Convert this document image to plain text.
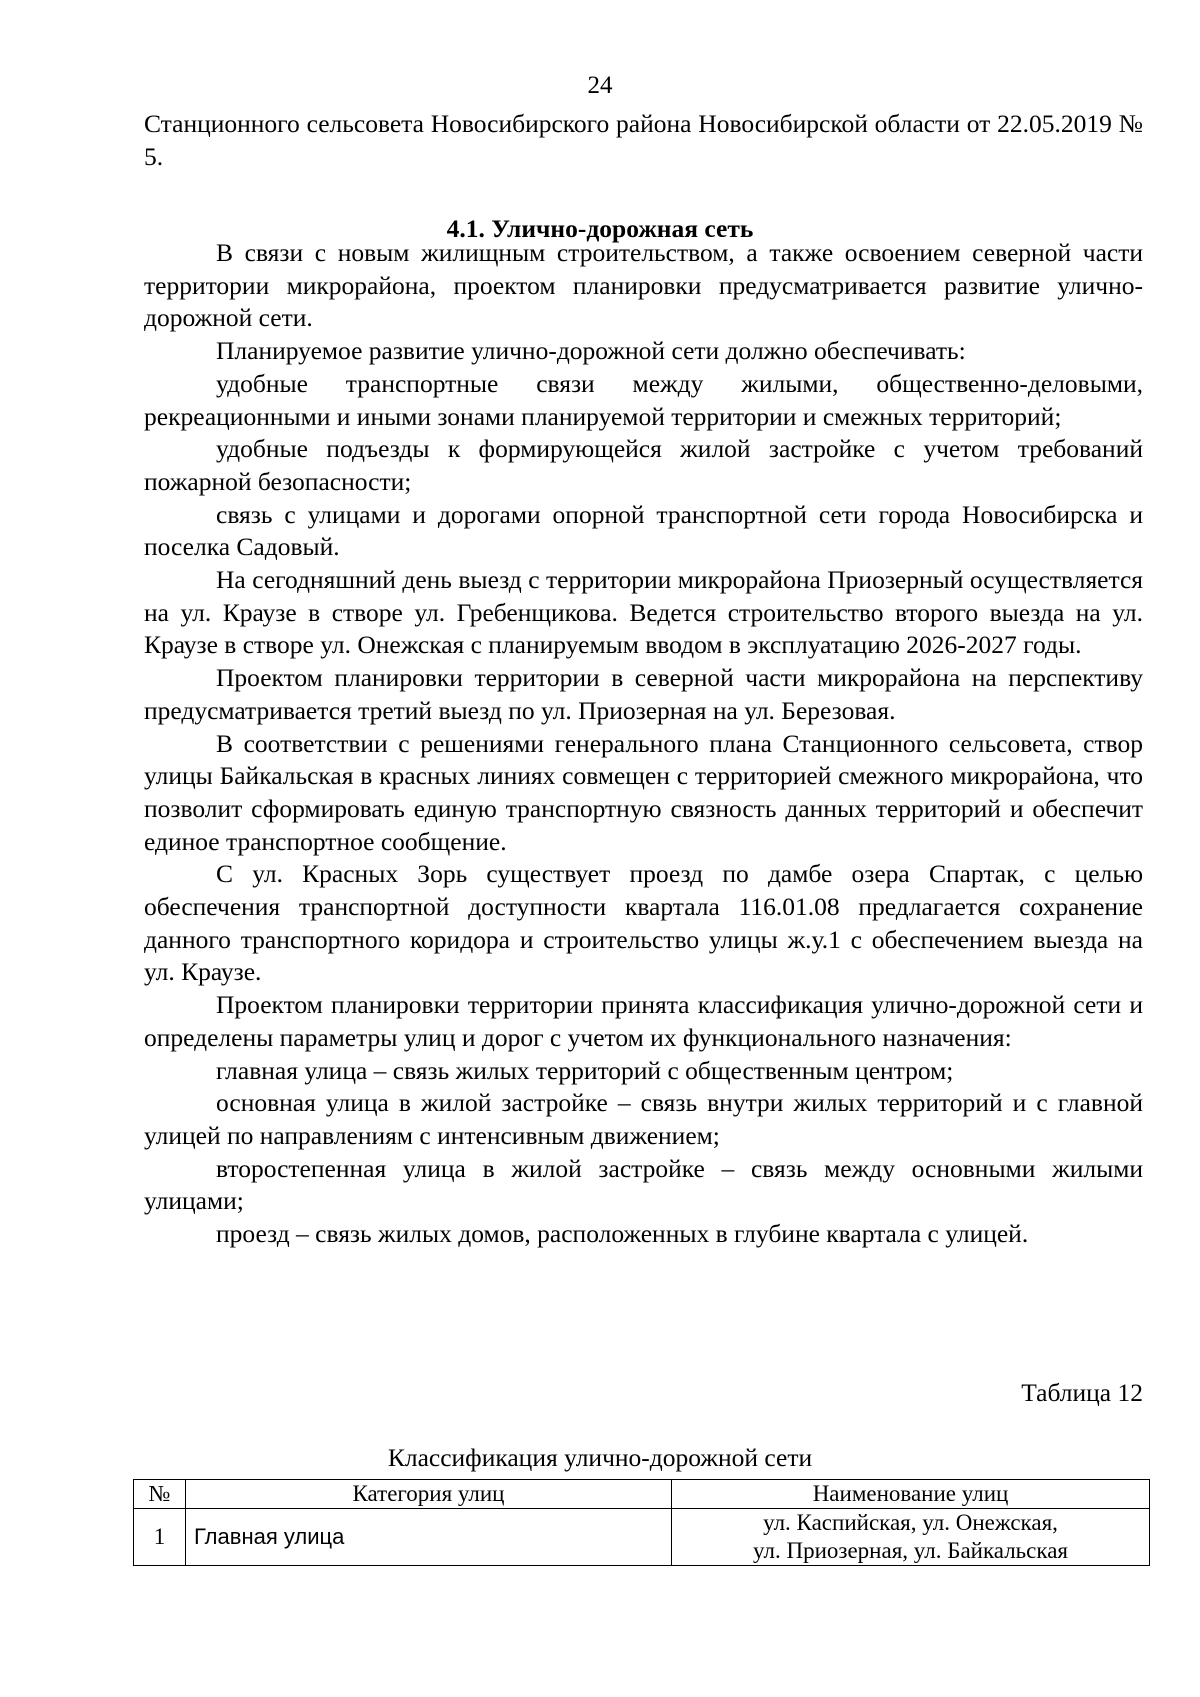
24

Станционного сельсовета Новосибирского района Новосибирской области от 22.05.2019 № 5.

4.1. Улично-дорожная сеть

В связи с новым жилищным строительством, а также освоением северной части территории микрорайона, проектом планировки предусматривается развитие улично-дорожной сети.

Планируемое развитие улично-дорожной сети должно обеспечивать:

удобные транспортные связи между жилыми, общественно-деловыми, рекреационными и иными зонами планируемой территории и смежных территорий;

удобные подъезды к формирующейся жилой застройке с учетом требований пожарной безопасности;

связь с улицами и дорогами опорной транспортной сети города Новосибирска и поселка Садовый.

На сегодняшний день выезд с территории микрорайона Приозерный осуществляется на ул. Краузе в створе ул. Гребенщикова. Ведется строительство второго выезда на ул. Краузе в створе ул. Онежская с планируемым вводом в эксплуатацию 2026-2027 годы.

Проектом планировки территории в северной части микрорайона на перспективу предусматривается третий выезд по ул. Приозерная на ул. Березовая.

В соответствии с решениями генерального плана Станционного сельсовета, створ улицы Байкальская в красных линиях совмещен с территорией смежного микрорайона, что позволит сформировать единую транспортную связность данных территорий и обеспечит единое транспортное сообщение.

С ул. Красных Зорь существует проезд по дамбе озера Спартак, с целью обеспечения транспортной доступности квартала 116.01.08 предлагается сохранение данного транспортного коридора и строительство улицы ж.у.1 с обеспечением выезда на ул. Краузе.

Проектом планировки территории принята классификация улично-дорожной сети и определены параметры улиц и дорог с учетом их функционального назначения:

главная улица – связь жилых территорий с общественным центром;

основная улица в жилой застройке – связь внутри жилых территорий и с главной улицей по направлениям с интенсивным движением;

второстепенная улица в жилой застройке – связь между основными жилыми улицами;

проезд – связь жилых домов, расположенных в глубине квартала с улицей.

Таблица 12
Классификация улично-дорожной сети
№	Категория улиц	Наименование улиц
1	Главная улица	ул. Каспийская, ул. Онежская,
ул. Приозерная, ул. Байкальская
